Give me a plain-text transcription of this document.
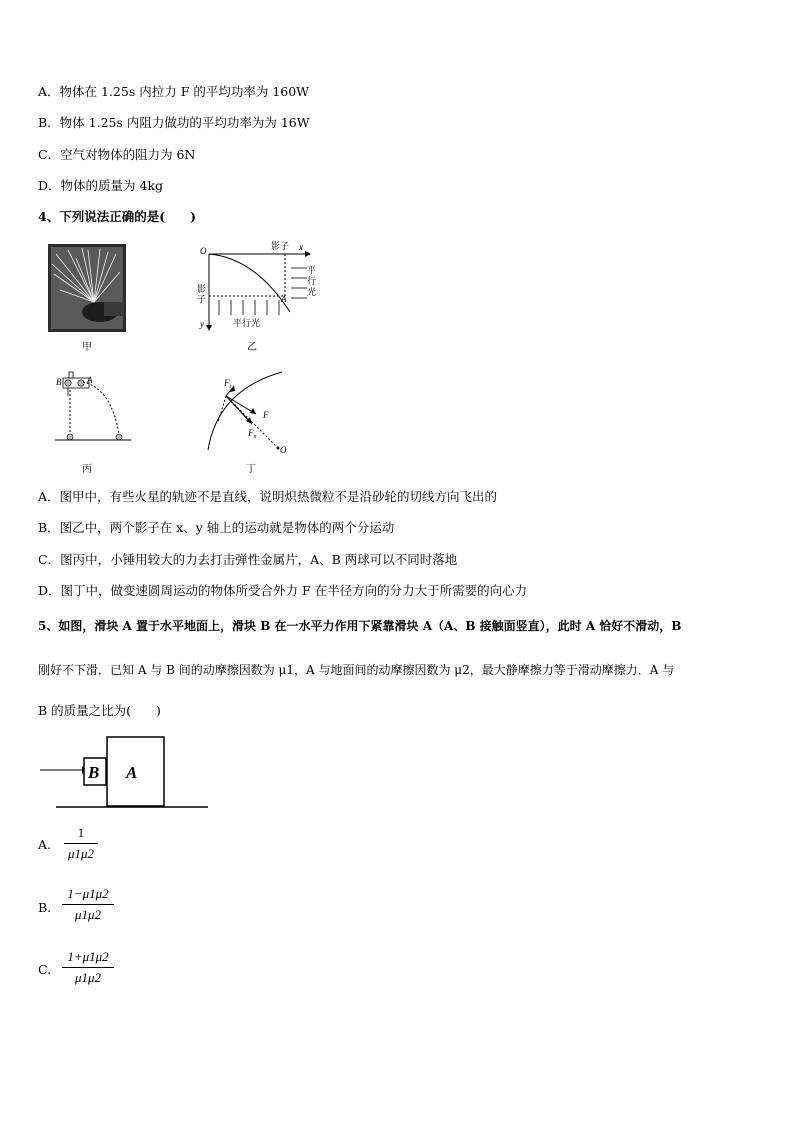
A．物体在 1.25s 内拉力 F 的平均功率为 160W
B．物体 1.25s 内阻力做功的平均功率为为 16W
C．空气对物体的阻力为 6N
D．物体的质量为 4kg
4、下列说法正确的是(　　)
甲
O	影子 x
平
行
光
影
子	A
y	平行光
乙
B	A
丙
$F_t$
F
$F_n$
O
丁
A．图甲中，有些火星的轨迹不是直线，说明炽热微粒不是沿砂轮的切线方向飞出的
B．图乙中，两个影子在 x、y 轴上的运动就是物体的两个分运动
C．图丙中，小锤用较大的力去打击弹性金属片，A、B 两球可以不同时落地
D．图丁中，做变速圆周运动的物体所受合外力 F 在半径方向的分力大于所需要的向心力
5、如图，滑块 A 置于水平地面上，滑块 B 在一水平力作用下紧靠滑块 A（A、B 接触面竖直），此时 A 恰好不滑动，B
刚好不下滑．已知 A 与 B 间的动摩擦因数为 μ1，A 与地面间的动摩擦因数为 μ2，最大静摩擦力等于滑动摩擦力．A 与
B 的质量之比为(　　)
B A
A.
1
μ1μ2
B.
1−μ1μ2
μ1μ2
C.
1+μ1μ2
μ1μ2
